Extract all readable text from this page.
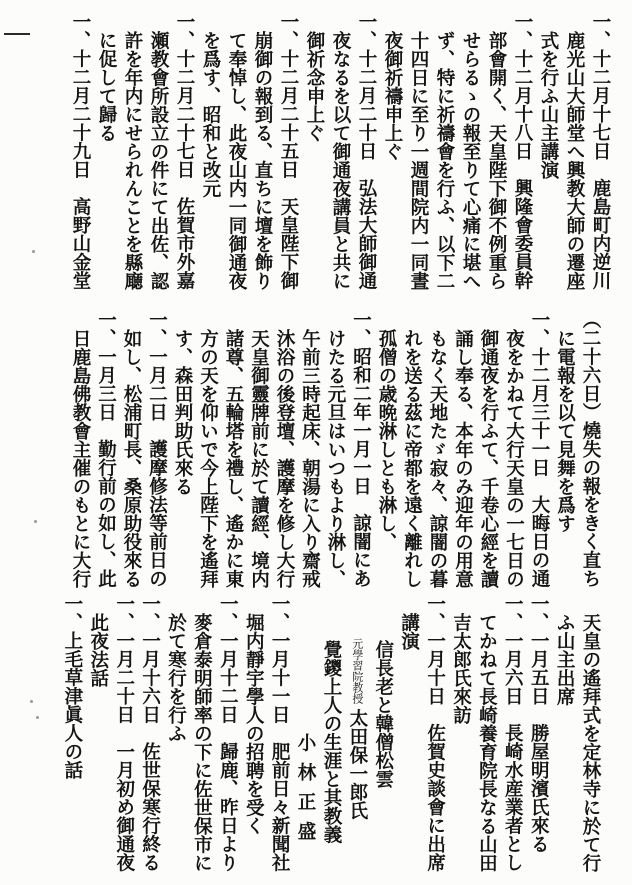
一、十二月十七日　鹿島町内逆川
鹿光山大師堂へ興教大師の遷座
式を行ふ山主講演
一、十二月十八日　興隆會委員幹
部會開く、天皇陛下御不例重ら
せらるゝの報至りて心痛に堪へ
ず、特に祈禱會を行ふ、以下二
十四日に至り一週間院内一同晝
夜御祈禱申上ぐ
一、十二月二十日　弘法大師御通
夜なるを以て御通夜講員と共に
御祈念申上ぐ
一、十二月二十五日　天皇陛下御
崩御の報到る、直ちに壇を飾り
て奉悼し、此夜山内一同御通夜
を爲す、昭和と改元
一、十二月二十七日　佐賀市外嘉
瀬教會所設立の件にて出佐、認
許を年内にせられんことを縣廰
に促して歸る
一、十二月二十九日　高野山金堂
（二十六日）燒失の報をきく直ち
に電報を以て見舞を爲す
一、十二月三十一日　大晦日の通
夜をかねて大行天皇の一七日の
御通夜を行ふて、千卷心經を讀
誦し奉る、本年のみ迎年の用意
もなく天地たゞ寂々、諒闇の暮
れを送る茲に帝都を遠く離れし
孤僧の歳晩淋しとも淋し、
一、昭和二年一月一日　諒闇にあ
けたる元旦はいつもより淋し、
午前三時起床、朝湯に入り齋戒
沐浴の後登壇、護摩を修し大行
天皇御靈牌前に於て讀經、境内
諸尊、五輪塔を禮し、遙かに東
方の天を仰いで今上陛下を遙拜
す、森田判助氏來る
一、一月二日　護摩修法等前日の
如し、松浦町長、桑原助役來る
一、一月三日　勤行前の如し、此
日鹿島佛教會主催のもとに大行
天皇の遙拜式を定林寺に於て行
ふ山主出席
一、一月五日　勝屋明濱氏來る
一、一月六日　長崎水産業者とし
てかねて長崎養育院長なる山田
吉太郎氏來訪
一、一月十日　佐賀史談會に出席
講演
信長老と韓僧松雲
元學習院教授太田保一郎氏
覺鑁上人の生涯と其教義
小林正盛
一、一月十一日　肥前日々新聞社
堀内靜宇學人の招聘を受く
一、一月十二日　歸鹿、昨日より
麥倉泰明師率の下に佐世保市に
於て寒行を行ふ
一、一月十六日　佐世保寒行終る
一、一月二十日　一月初め御通夜
此夜法話
一、上毛草津眞人の話
